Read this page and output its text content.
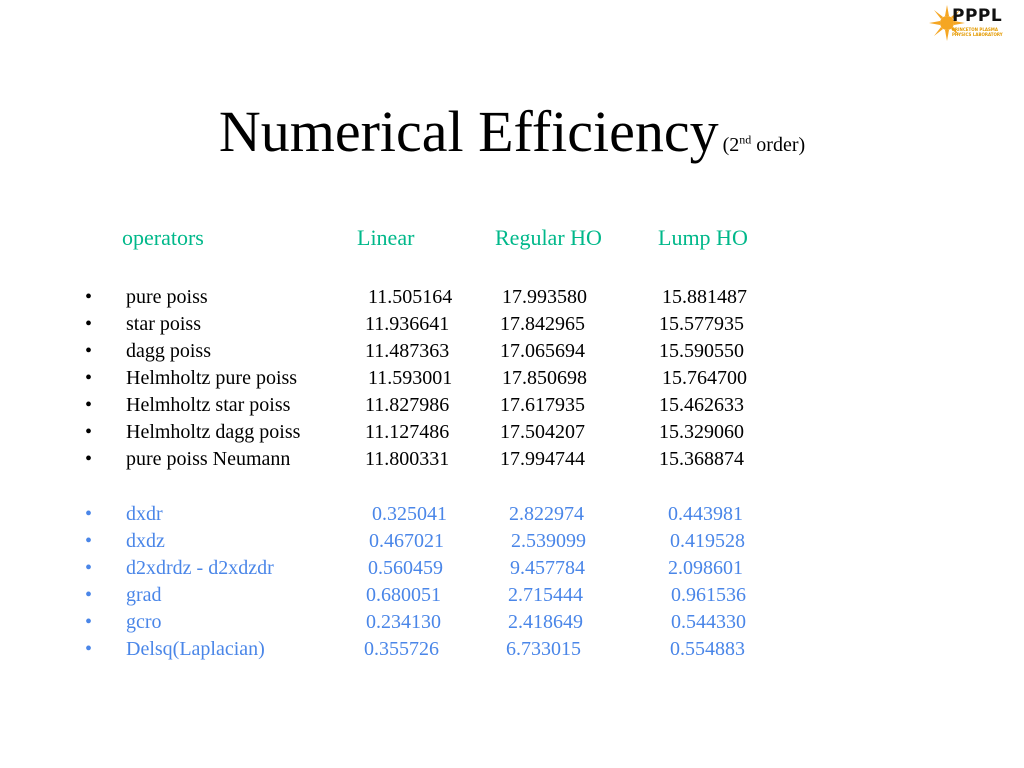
PPPL
PRINCETON PLASMA PHYSICS LABORATORY
Numerical Efficiency (2nd order)
operators	Linear	Regular HO	Lump HO
• pure poiss	11.505164 17.993580	15.881487
• star poiss	11.936641	17.842965	15.577935
• dagg poiss	11.487363	17.065694	15.590550
• Helmholtz pure poiss	11.593001 17.850698	15.764700
• Helmholtz star poiss	11.827986	17.617935	15.462633
• Helmholtz dagg poiss	11.127486	17.504207	15.329060
• pure poiss Neumann	11.800331	17.994744	15.368874
• dxdr	0.325041	2.822974	0.443981
• dxdz	0.467021	2.539099	0.419528
• d2xdrdz - d2xdzdr	0.560459	9.457784	2.098601
• grad	0.680051	2.715444	0.961536
• gcro	0.234130	2.418649	0.544330
• Delsq(Laplacian)	0.355726	6.733015	0.554883
